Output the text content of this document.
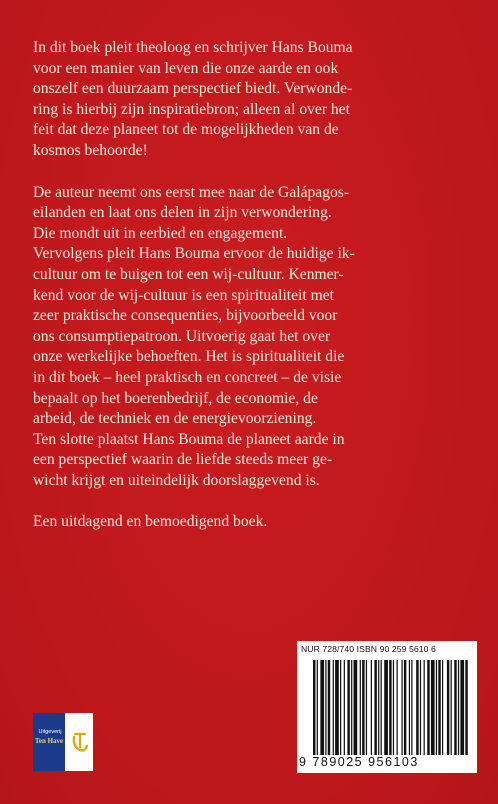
In dit boek pleit theoloog en schrijver Hans Bouma
voor een manier van leven die onze aarde en ook
onszelf een duurzaam perspectief biedt. Verwonde-
ring is hierbij zijn inspiratiebron; alleen al over het
feit dat deze planeet tot de mogelijkheden van de
kosmos behoorde!

De auteur neemt ons eerst mee naar de Galápagos-
eilanden en laat ons delen in zijn verwondering.
Die mondt uit in eerbied en engagement.
Vervolgens pleit Hans Bouma ervoor de huidige ik-
cultuur om te buigen tot een wij-cultuur. Kenmer-
kend voor de wij-cultuur is een spiritualiteit met
zeer praktische consequenties, bijvoorbeeld voor
ons consumptiepatroon. Uitvoerig gaat het over
onze werkelijke behoeften. Het is spiritualiteit die
in dit boek – heel praktisch en concreet – de visie
bepaalt op het boerenbedrijf, de economie, de
arbeid, de techniek en de energievoorziening.
Ten slotte plaatst Hans Bouma de planeet aarde in
een perspectief waarin de liefde steeds meer ge-
wicht krijgt en uiteindelijk doorslaggevend is.

Een uitdagend en bemoedigend boek.

Uitgeverij
Ten Have
NUR 728/740 ISBN 90 259 5610 6
9 789025 956103
